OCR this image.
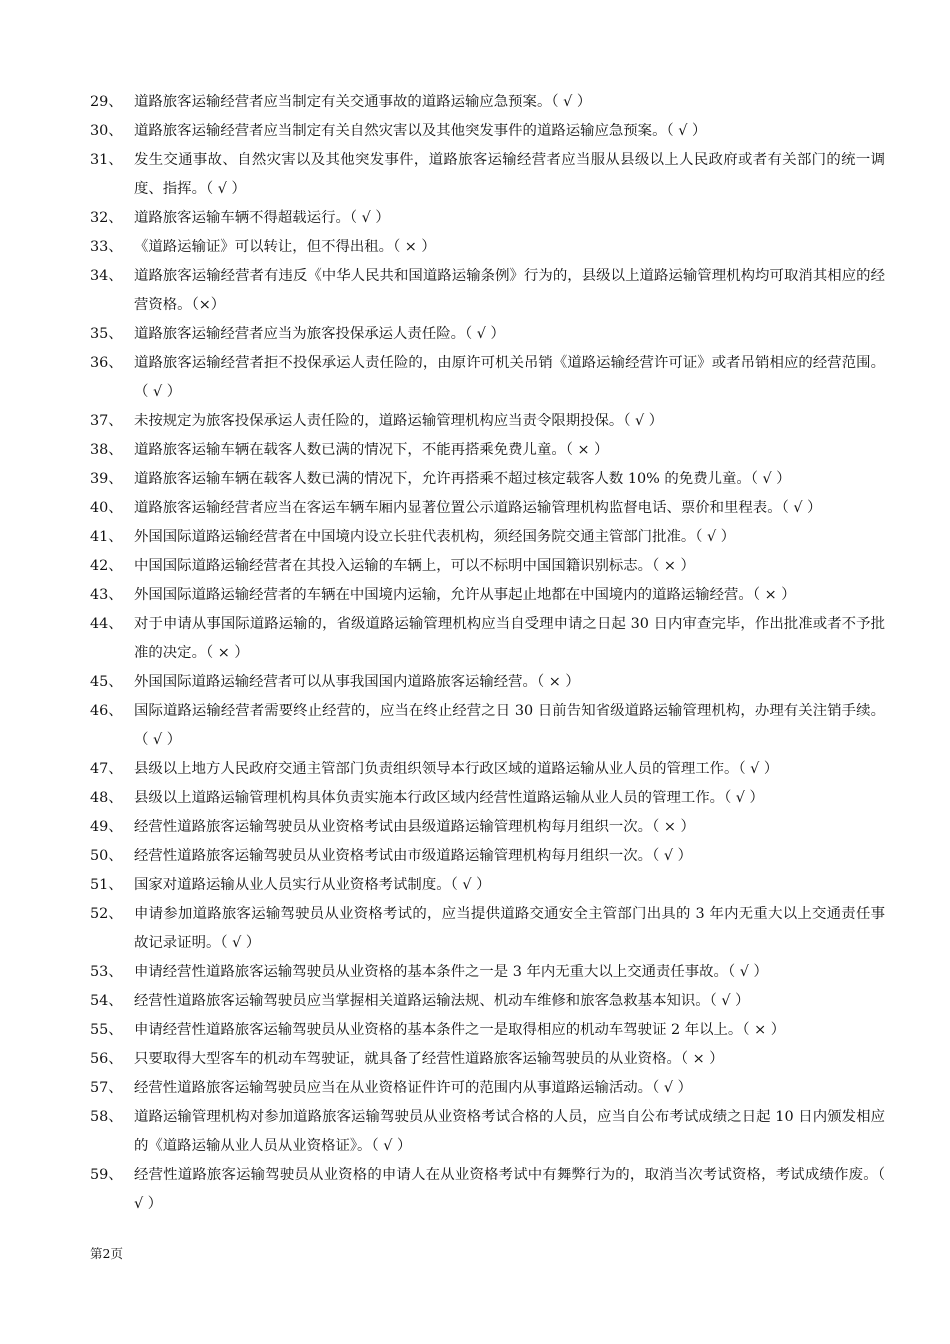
29、 道路旅客运输经营者应当制定有关交通事故的道路运输应急预案。（ √ ）
30、 道路旅客运输经营者应当制定有关自然灾害以及其他突发事件的道路运输应急预案。（ √ ）
31、 发生交通事故、自然灾害以及其他突发事件，道路旅客运输经营者应当服从县级以上人民政府或者有关部门的统一调度、指挥。（ √ ）
32、 道路旅客运输车辆不得超载运行。（ √ ）
33、 《道路运输证》可以转让，但不得出租。（ × ）
34、 道路旅客运输经营者有违反《中华人民共和国道路运输条例》行为的，县级以上道路运输管理机构均可取消其相应的经营资格。（×）
35、 道路旅客运输经营者应当为旅客投保承运人责任险。（ √ ）
36、 道路旅客运输经营者拒不投保承运人责任险的，由原许可机关吊销《道路运输经营许可证》或者吊销相应的经营范围。（ √ ）
37、 未按规定为旅客投保承运人责任险的，道路运输管理机构应当责令限期投保。（ √ ）
38、 道路旅客运输车辆在载客人数已满的情况下，不能再搭乘免费儿童。（ × ）
39、 道路旅客运输车辆在载客人数已满的情况下，允许再搭乘不超过核定载客人数 10% 的免费儿童。（ √ ）
40、 道路旅客运输经营者应当在客运车辆车厢内显著位置公示道路运输管理机构监督电话、票价和里程表。（ √ ）
41、 外国国际道路运输经营者在中国境内设立长驻代表机构，须经国务院交通主管部门批准。（ √ ）
42、 中国国际道路运输经营者在其投入运输的车辆上，可以不标明中国国籍识别标志。（ × ）
43、 外国国际道路运输经营者的车辆在中国境内运输，允许从事起止地都在中国境内的道路运输经营。（ × ）
44、 对于申请从事国际道路运输的，省级道路运输管理机构应当自受理申请之日起 30 日内审查完毕，作出批准或者不予批准的决定。（ × ）
45、 外国国际道路运输经营者可以从事我国国内道路旅客运输经营。（ × ）
46、 国际道路运输经营者需要终止经营的，应当在终止经营之日 30 日前告知省级道路运输管理机构，办理有关注销手续。（ √ ）
47、 县级以上地方人民政府交通主管部门负责组织领导本行政区域的道路运输从业人员的管理工作。（ √ ）
48、 县级以上道路运输管理机构具体负责实施本行政区域内经营性道路运输从业人员的管理工作。（ √ ）
49、 经营性道路旅客运输驾驶员从业资格考试由县级道路运输管理机构每月组织一次。（ × ）
50、 经营性道路旅客运输驾驶员从业资格考试由市级道路运输管理机构每月组织一次。（ √ ）
51、 国家对道路运输从业人员实行从业资格考试制度。（ √ ）
52、 申请参加道路旅客运输驾驶员从业资格考试的，应当提供道路交通安全主管部门出具的 3 年内无重大以上交通责任事故记录证明。（ √ ）
53、 申请经营性道路旅客运输驾驶员从业资格的基本条件之一是 3 年内无重大以上交通责任事故。（ √ ）
54、 经营性道路旅客运输驾驶员应当掌握相关道路运输法规、机动车维修和旅客急救基本知识。（ √ ）
55、 申请经营性道路旅客运输驾驶员从业资格的基本条件之一是取得相应的机动车驾驶证 2 年以上。（ × ）
56、 只要取得大型客车的机动车驾驶证，就具备了经营性道路旅客运输驾驶员的从业资格。（ × ）
57、 经营性道路旅客运输驾驶员应当在从业资格证件许可的范围内从事道路运输活动。（ √ ）
58、 道路运输管理机构对参加道路旅客运输驾驶员从业资格考试合格的人员，应当自公布考试成绩之日起 10 日内颁发相应的《道路运输从业人员从业资格证》。（ √ ）
59、 经营性道路旅客运输驾驶员从业资格的申请人在从业资格考试中有舞弊行为的，取消当次考试资格，考试成绩作废。（ √ ）
第2页
